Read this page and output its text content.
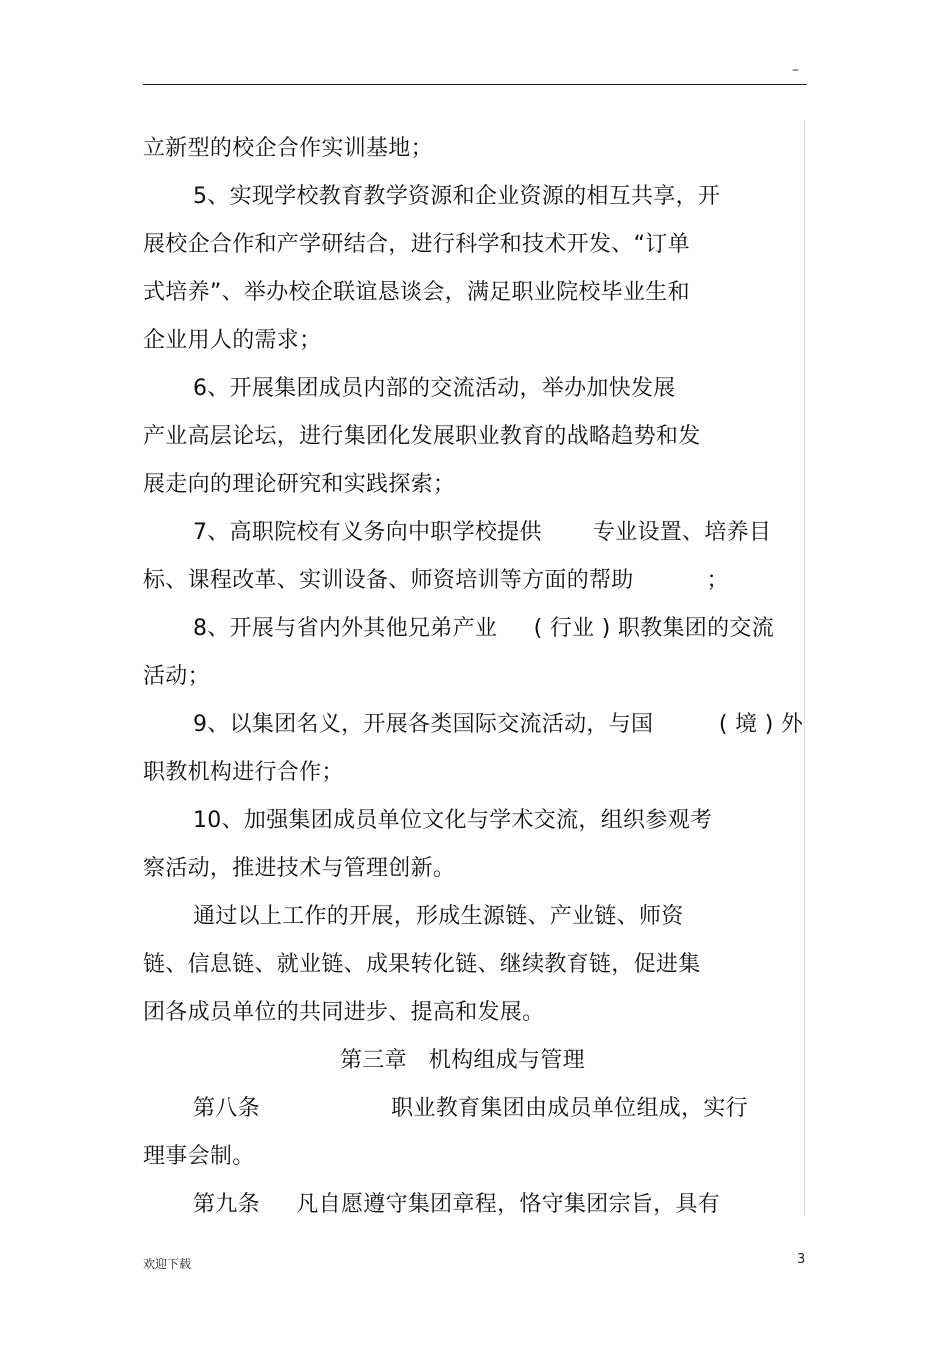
–
立新型的校企合作实训基地；
5、实现学校教育教学资源和企业资源的相互共享，开
展校企合作和产学研结合，进行科学和技术开发、“订单
式培养”、举办校企联谊恳谈会，满足职业院校毕业生和
企业用人的需求；
6、开展集团成员内部的交流活动，举办加快发展
产业高层论坛，进行集团化发展职业教育的战略趋势和发
展走向的理论研究和实践探索；
7、高职院校有义务向中职学校提供       专业设置、培养目
标、课程改革、实训设备、师资培训等方面的帮助          ；
8、开展与省内外其他兄弟产业     ( 行业 ) 职教集团的交流
活动；
9、以集团名义，开展各类国际交流活动，与国         ( 境 ) 外
职教机构进行合作；
10、加强集团成员单位文化与学术交流，组织参观考
察活动，推进技术与管理创新。
通过以上工作的开展，形成生源链、产业链、师资
链、信息链、就业链、成果转化链、继续教育链，促进集
团各成员单位的共同进步、提高和发展。
第三章   机构组成与管理
第八条                  职业教育集团由成员单位组成，实行
理事会制。
第九条     凡自愿遵守集团章程，恪守集团宗旨，具有
欢迎下载	3
